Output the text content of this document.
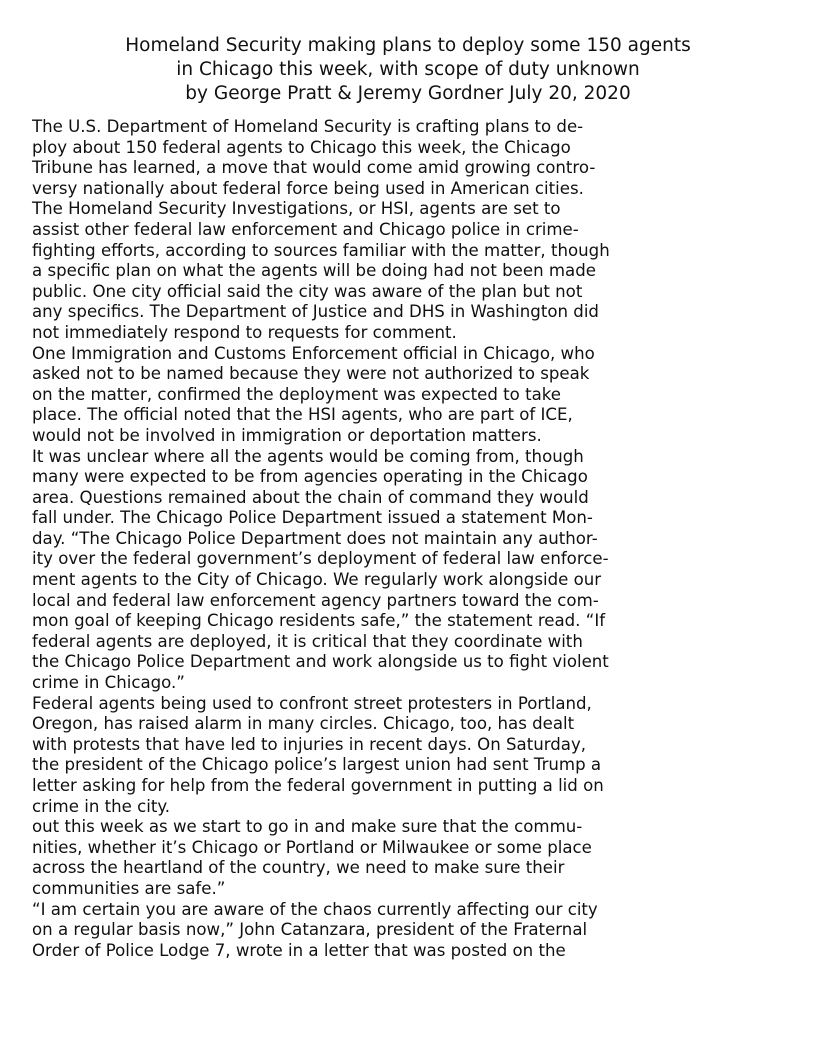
Homeland Security making plans to deploy some 150 agents
in Chicago this week, with scope of duty unknown
by George Pratt & Jeremy Gordner July 20, 2020
The U.S. Department of Homeland Security is crafting plans to de-
ploy about 150 federal agents to Chicago this week, the Chicago
Tribune has learned, a move that would come amid growing contro-
versy nationally about federal force being used in American cities.
The Homeland Security Investigations, or HSI, agents are set to
assist other federal law enforcement and Chicago police in crime-
fighting efforts, according to sources familiar with the matter, though
a specific plan on what the agents will be doing had not been made
public. One city official said the city was aware of the plan but not
any specifics. The Department of Justice and DHS in Washington did
not immediately respond to requests for comment.
One Immigration and Customs Enforcement official in Chicago, who
asked not to be named because they were not authorized to speak
on the matter, confirmed the deployment was expected to take
place. The official noted that the HSI agents, who are part of ICE,
would not be involved in immigration or deportation matters.
It was unclear where all the agents would be coming from, though
many were expected to be from agencies operating in the Chicago
area. Questions remained about the chain of command they would
fall under. The Chicago Police Department issued a statement Mon-
day. “The Chicago Police Department does not maintain any author-
ity over the federal government’s deployment of federal law enforce-
ment agents to the City of Chicago. We regularly work alongside our
local and federal law enforcement agency partners toward the com-
mon goal of keeping Chicago residents safe,” the statement read. “If
federal agents are deployed, it is critical that they coordinate with
the Chicago Police Department and work alongside us to fight violent
crime in Chicago.”
Federal agents being used to confront street protesters in Portland,
Oregon, has raised alarm in many circles. Chicago, too, has dealt
with protests that have led to injuries in recent days. On Saturday,
the president of the Chicago police’s largest union had sent Trump a
letter asking for help from the federal government in putting a lid on
crime in the city.
out this week as we start to go in and make sure that the commu-
nities, whether it’s Chicago or Portland or Milwaukee or some place
across the heartland of the country, we need to make sure their
communities are safe.”
“I am certain you are aware of the chaos currently affecting our city
on a regular basis now,” John Catanzara, president of the Fraternal
Order of Police Lodge 7, wrote in a letter that was posted on the
